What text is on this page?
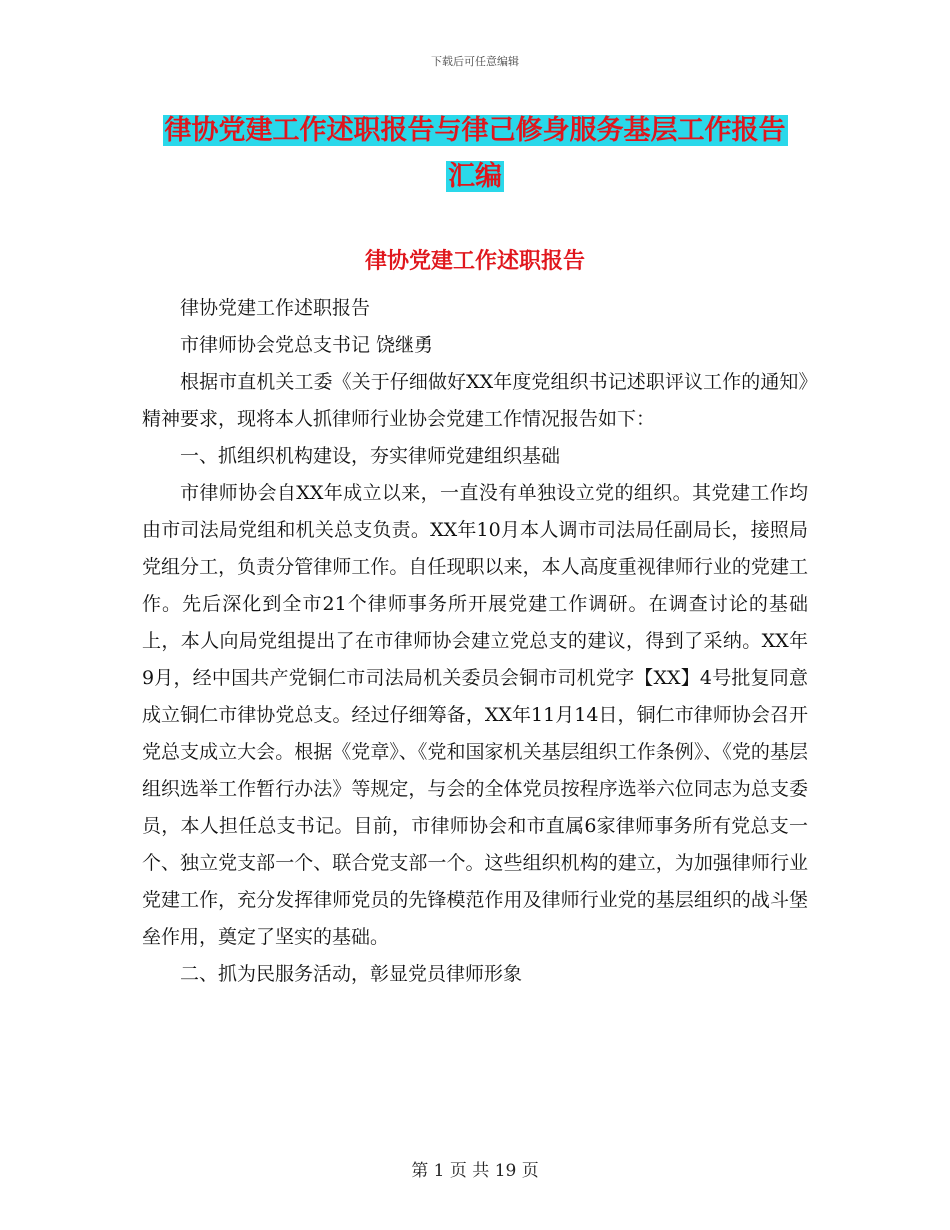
下载后可任意编辑
律协党建工作述职报告与律己修身服务基层工作报告
汇编
律协党建工作述职报告

律协党建工作述职报告

市律师协会党总支书记 饶继勇

根据市直机关工委《关于仔细做好XX年度党组织书记述职评议工作的通知》精神要求，现将本人抓律师行业协会党建工作情况报告如下：

一、抓组织机构建设，夯实律师党建组织基础

市律师协会自XX年成立以来，一直没有单独设立党的组织。其党建工作均由市司法局党组和机关总支负责。XX年10月本人调市司法局任副局长，接照局党组分工，负责分管律师工作。自任现职以来，本人高度重视律师行业的党建工作。先后深化到全市21个律师事务所开展党建工作调研。在调查讨论的基础上，本人向局党组提出了在市律师协会建立党总支的建议，得到了采纳。XX年9月，经中国共产党铜仁市司法局机关委员会铜市司机党字【XX】4号批复同意成立铜仁市律协党总支。经过仔细筹备，XX年11月14日，铜仁市律师协会召开党总支成立大会。根据《党章》、《党和国家机关基层组织工作条例》、《党的基层组织选举工作暂行办法》等规定，与会的全体党员按程序选举六位同志为总支委员，本人担任总支书记。目前，市律师协会和市直属6家律师事务所有党总支一个、独立党支部一个、联合党支部一个。这些组织机构的建立，为加强律师行业党建工作，充分发挥律师党员的先锋模范作用及律师行业党的基层组织的战斗堡垒作用，奠定了坚实的基础。

二、抓为民服务活动，彰显党员律师形象

第 1 页 共 19 页
